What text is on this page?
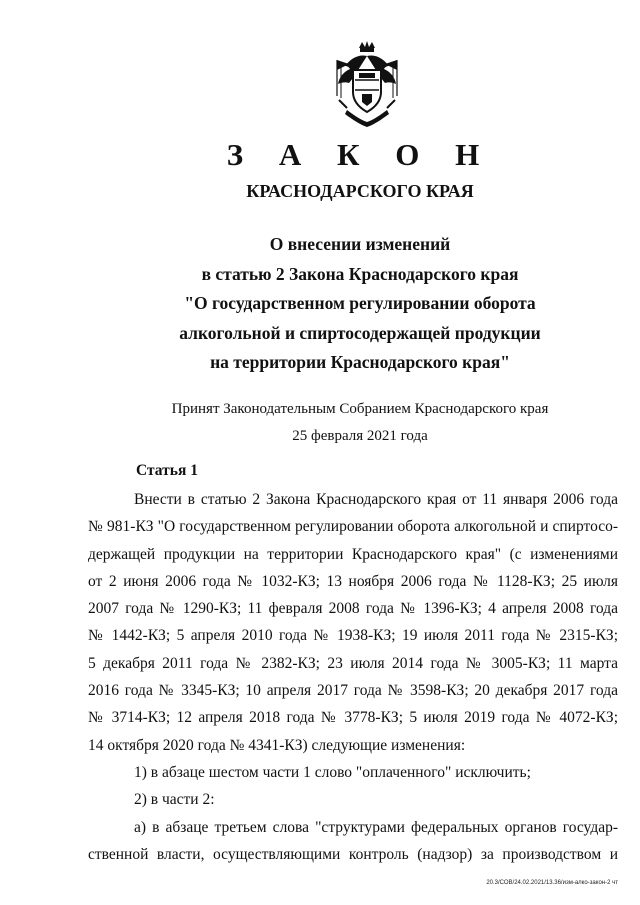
З А К О Н
КРАСНОДАРСКОГО КРАЯ
О внесении изменений
в статью 2 Закона Краснодарского края
"О государственном регулировании оборота
алкогольной и спиртосодержащей продукции
на территории Краснодарского края"
Принят Законодательным Собранием Краснодарского края
25 февраля 2021 года
Статья 1
Внести в статью 2 Закона Краснодарского края от 11 января 2006 года
№ 981-КЗ "О государственном регулировании оборота алкогольной и спиртосо-
держащей продукции на территории Краснодарского края" (с изменениями
от 2 июня 2006 года № 1032-КЗ; 13 ноября 2006 года № 1128-КЗ; 25 июля
2007 года № 1290-КЗ; 11 февраля 2008 года № 1396-КЗ; 4 апреля 2008 года
№ 1442-КЗ; 5 апреля 2010 года № 1938-КЗ; 19 июля 2011 года № 2315-КЗ;
5 декабря 2011 года № 2382-КЗ; 23 июля 2014 года № 3005-КЗ; 11 марта
2016 года № 3345-КЗ; 10 апреля 2017 года № 3598-КЗ; 20 декабря 2017 года
№ 3714-КЗ; 12 апреля 2018 года № 3778-КЗ; 5 июля 2019 года № 4072-КЗ;
14 октября 2020 года № 4341-КЗ) следующие изменения:
1) в абзаце шестом части 1 слово "оплаченного" исключить;
2) в части 2:
а) в абзаце третьем слова "структурами федеральных органов государ-
ственной власти, осуществляющими контроль (надзор) за производством и
20.3/СОВ/24.02.2021/13.36/изм-алко-закон-2 чт
